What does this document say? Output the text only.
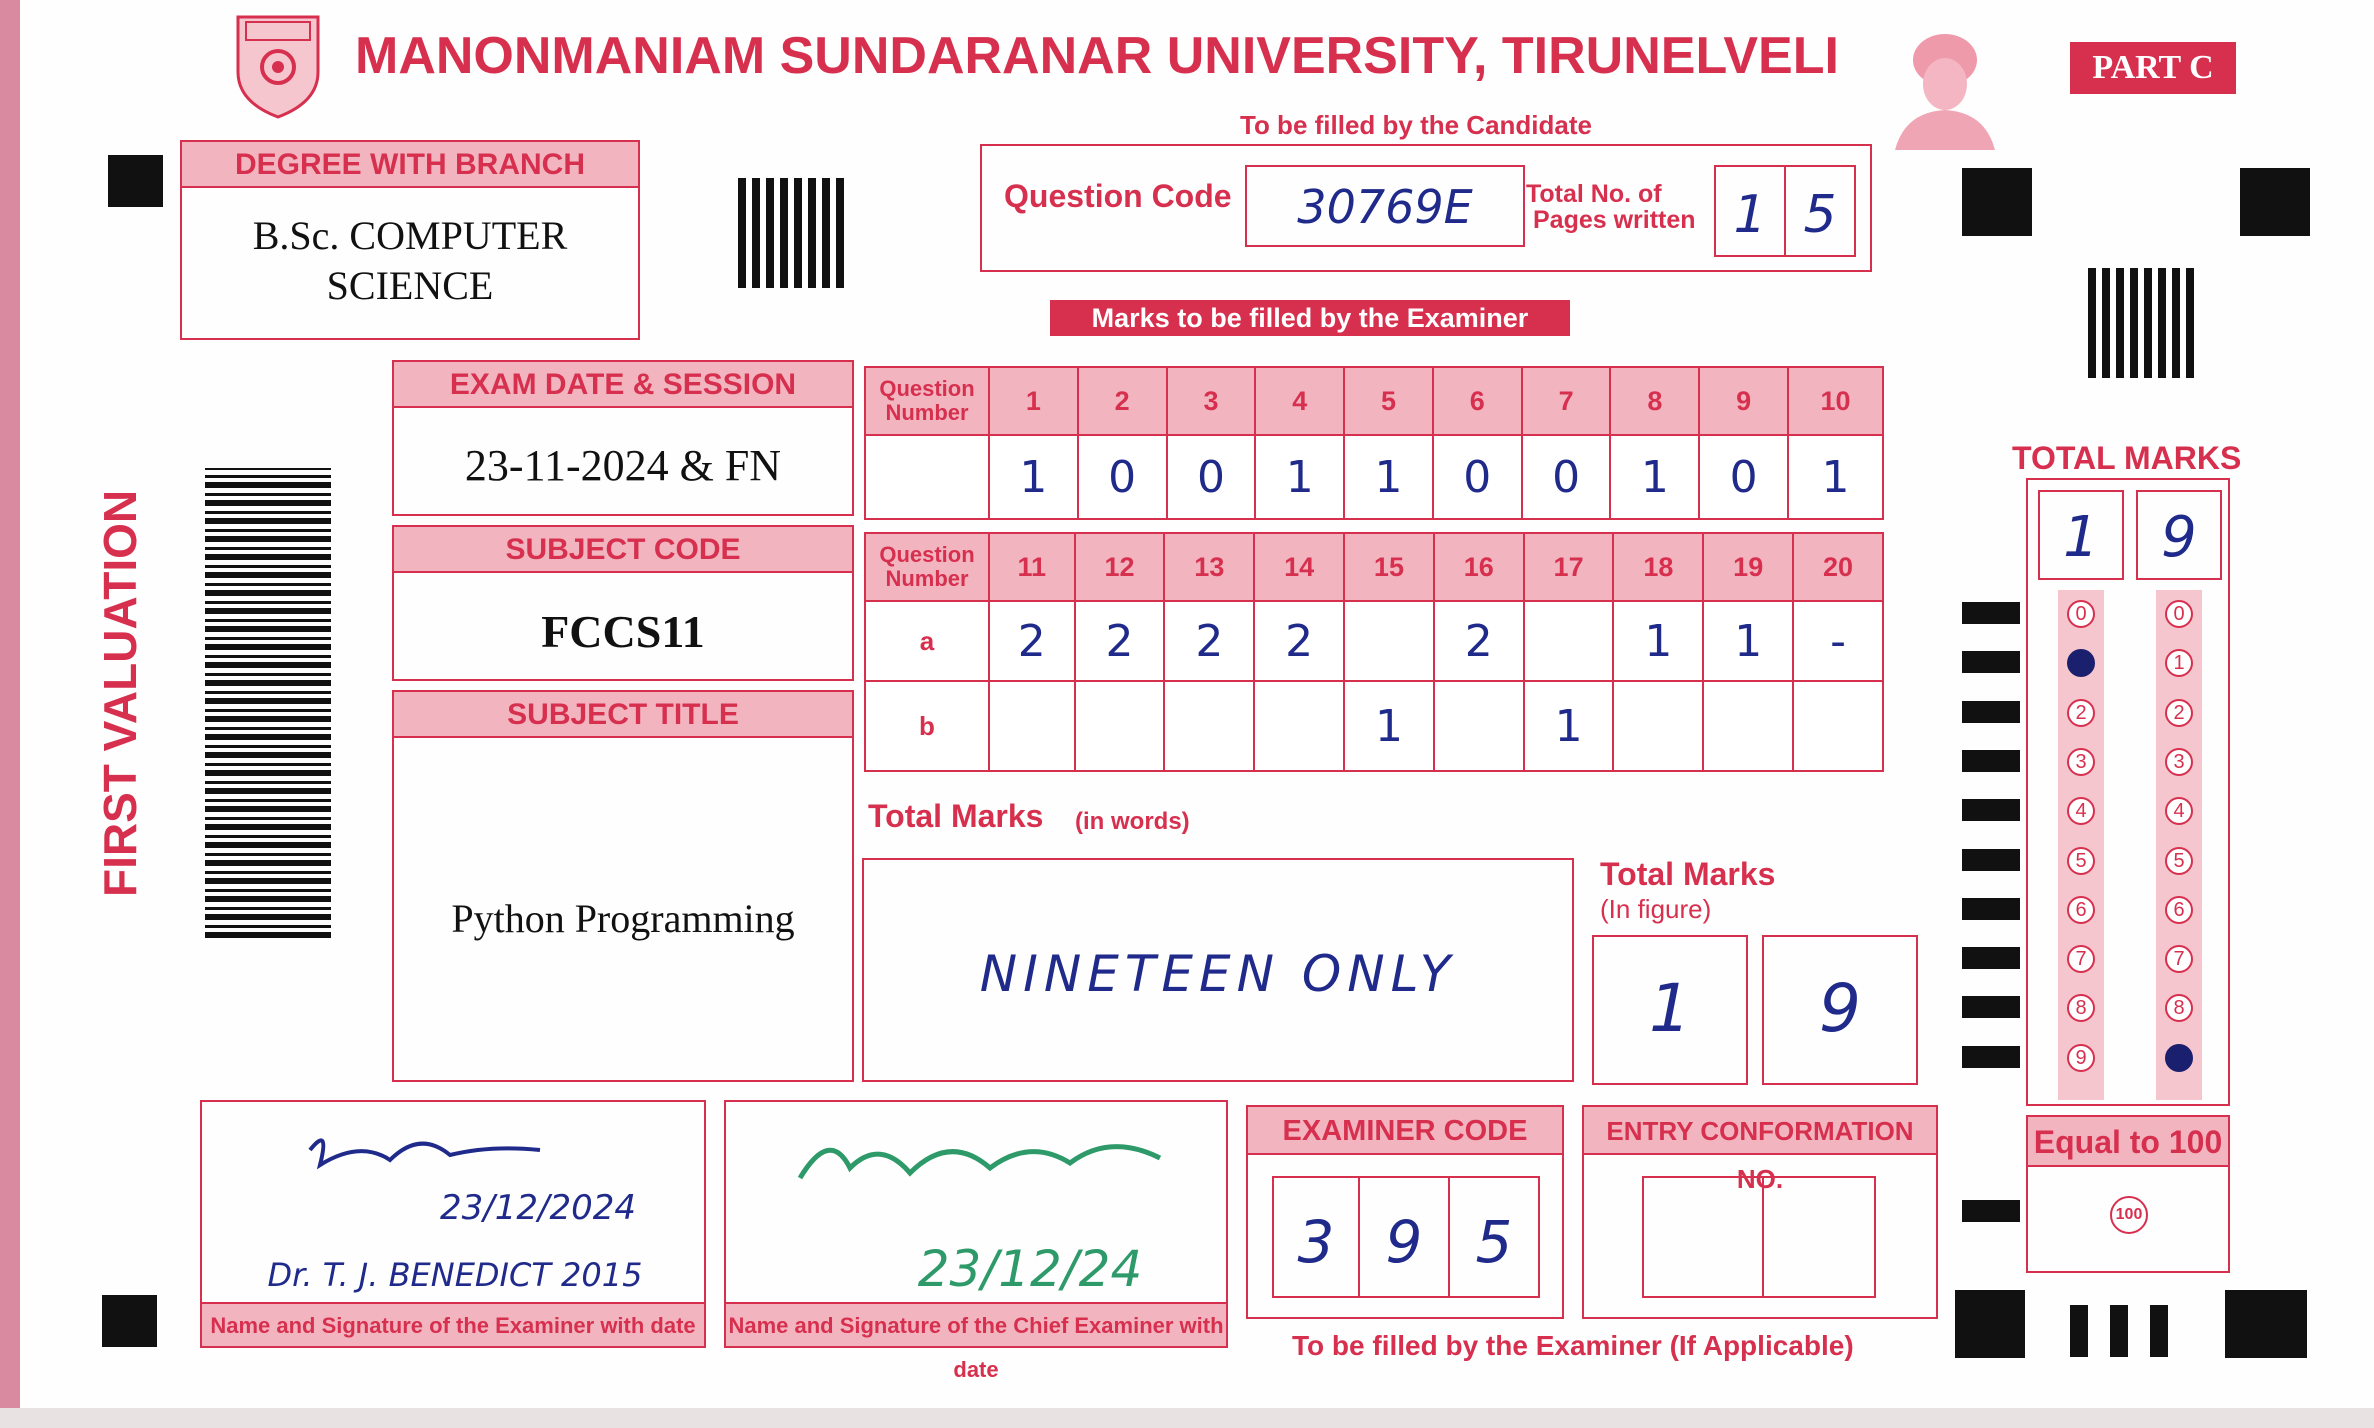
MANONMANIAM SUNDARANAR UNIVERSITY, TIRUNELVELI	PART C
To be filled by the Candidate
DEGREE WITH BRANCH
B.Sc. COMPUTER
SCIENCE
Question Code	30769E	Total No. of
Pages written 1 5
Marks to be filled by the Examiner
EXAM DATE & SESSION
23-11-2024 & FN
SUBJECT CODE
FCCS11
SUBJECT TITLE
Python Programming
FIRST VALUATION
Question
Number	1	2	3	4	5	6	7	8	9	10
	1	0	0	1	1	0	0	1	0	1
Question
Number	11	12	13	14	15	16	17	18	19	20
a	2	2	2	2		2		1	1	-
b					1		1			
Total Marks (in words)
NINETEEN ONLY
Total Marks
(In figure)
1	9
TOTAL MARKS
1	9
0	0
1	1
2	2
3	3
4	4
5	5
6	6
7	7
8	8
9	9
Equal to 100
100
EXAMINER CODE
3 9 5
ENTRY CONFORMATION NO.
To be filled by the Examiner (If Applicable)
23/12/2024
Dr. T. J. BENEDICT 2015
Name and Signature of the Examiner with date
23/12/24
Name and Signature of the Chief Examiner with date
